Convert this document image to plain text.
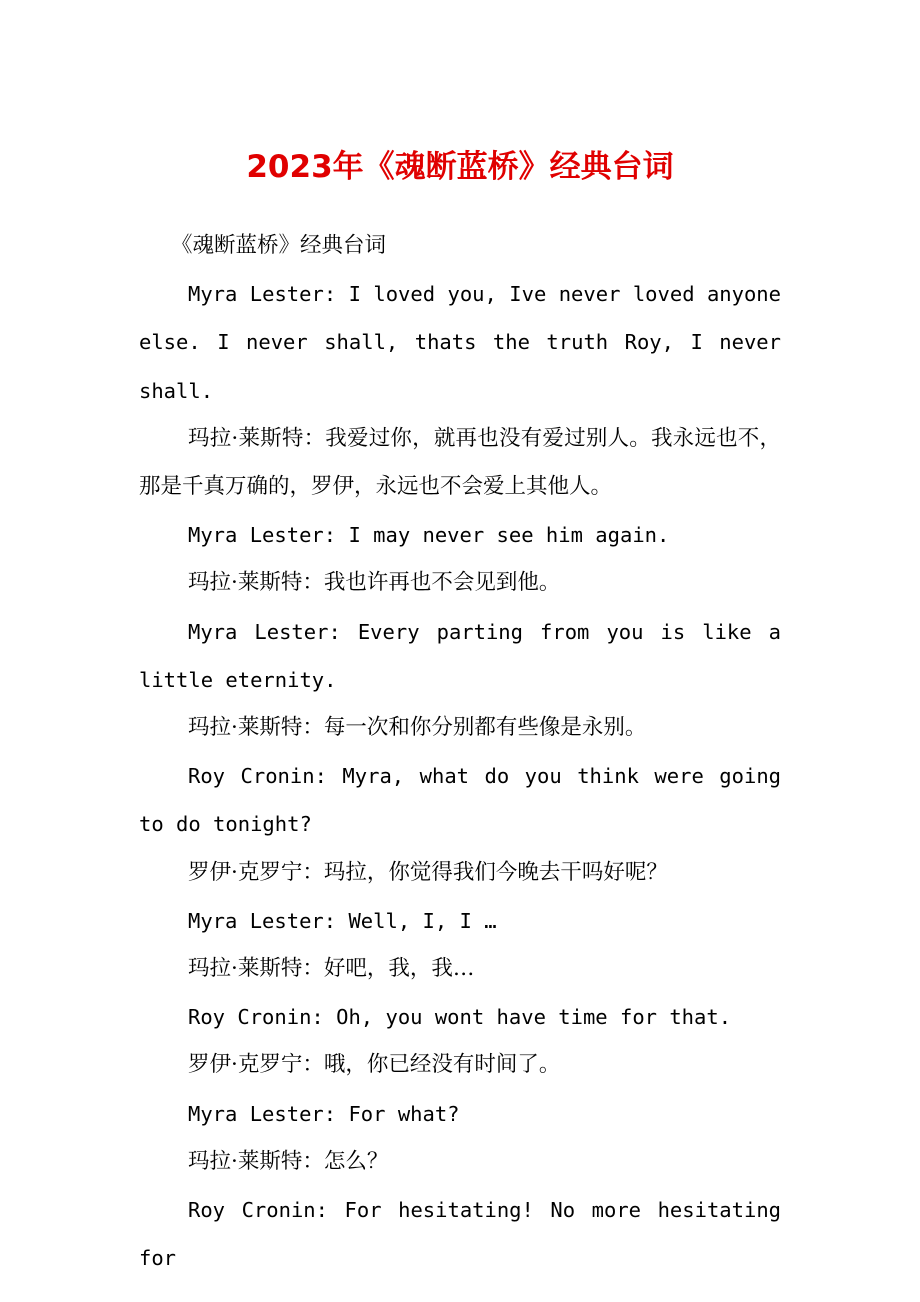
2023年《魂断蓝桥》经典台词

《魂断蓝桥》经典台词

Myra Lester: I loved you, Ive never loved anyone else. I never shall, thats the truth Roy, I never shall.

玛拉·莱斯特：我爱过你，就再也没有爱过别人。我永远也不，那是千真万确的，罗伊，永远也不会爱上其他人。

Myra Lester: I may never see him again.

玛拉·莱斯特：我也许再也不会见到他。

Myra Lester: Every parting from you is like a little eternity.

玛拉·莱斯特：每一次和你分别都有些像是永别。

Roy Cronin: Myra, what do you think were going to do tonight?

罗伊·克罗宁：玛拉，你觉得我们今晚去干吗好呢？

Myra Lester: Well, I, I …

玛拉·莱斯特：好吧，我，我…

Roy Cronin: Oh, you wont have time for that.

罗伊·克罗宁：哦，你已经没有时间了。

Myra Lester: For what?

玛拉·莱斯特：怎么？

Roy Cronin: For hesitating! No more hesitating for
